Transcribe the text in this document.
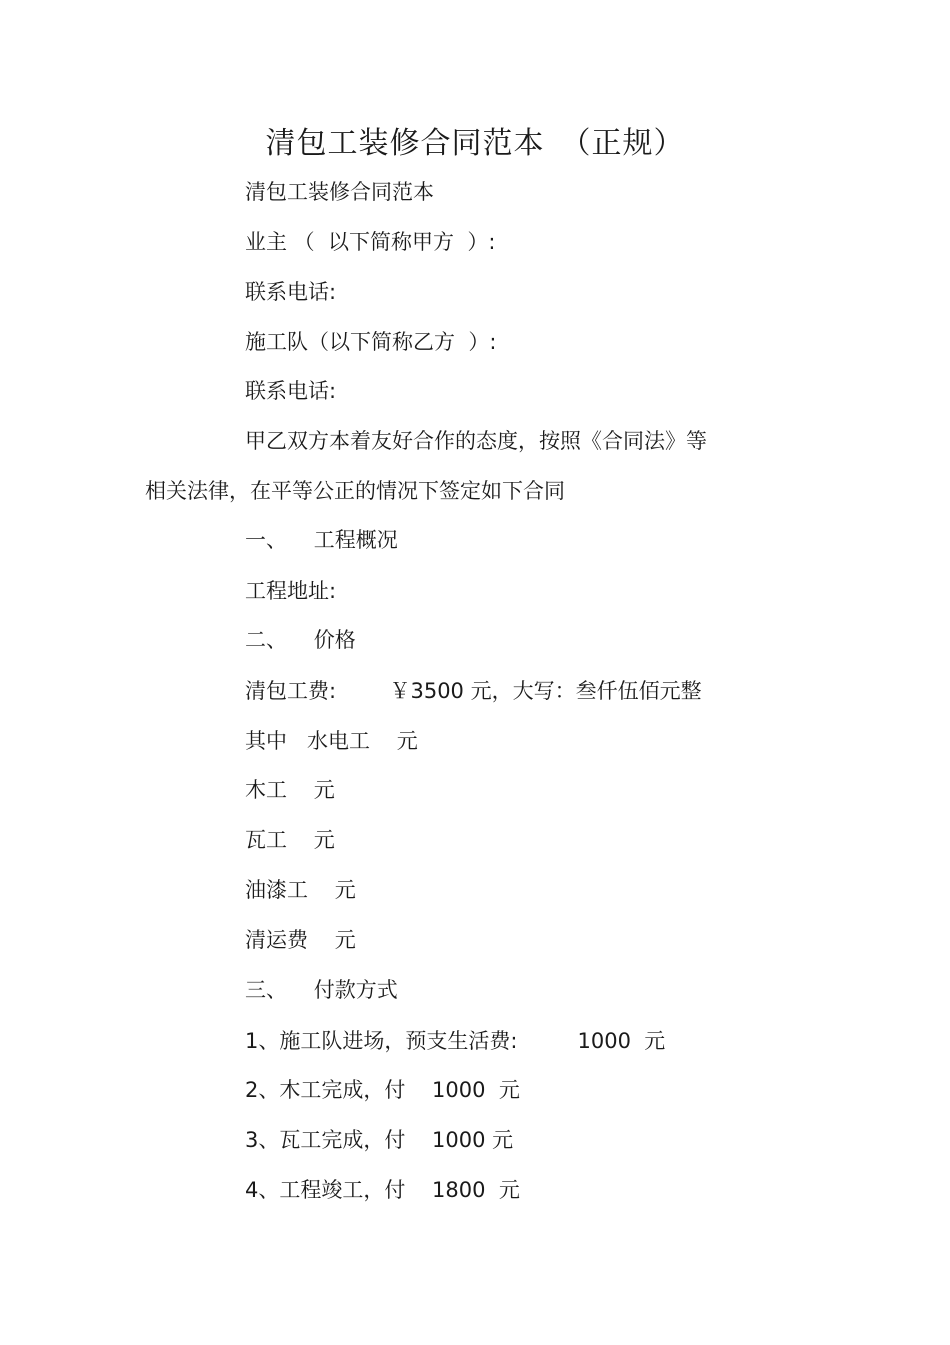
清包工装修合同范本　（正规）
清包工装修合同范本
业主 （  以下简称甲方  ）:
联系电话:
施工队（以下简称乙方  ）:
联系电话:
甲乙双方本着友好合作的态度，按照《合同法》等
相关法律，在平等公正的情况下签定如下合同
一、    工程概况
工程地址:
二、    价格
清包工费:        ￥3500 元，大写：叁仟伍佰元整
其中   水电工    元
木工    元
瓦工    元
油漆工    元
清运费    元
三、    付款方式
1、施工队进场，预支生活费:         1000  元
2、木工完成，付    1000  元
3、瓦工完成，付    1000 元
4、工程竣工，付    1800  元
